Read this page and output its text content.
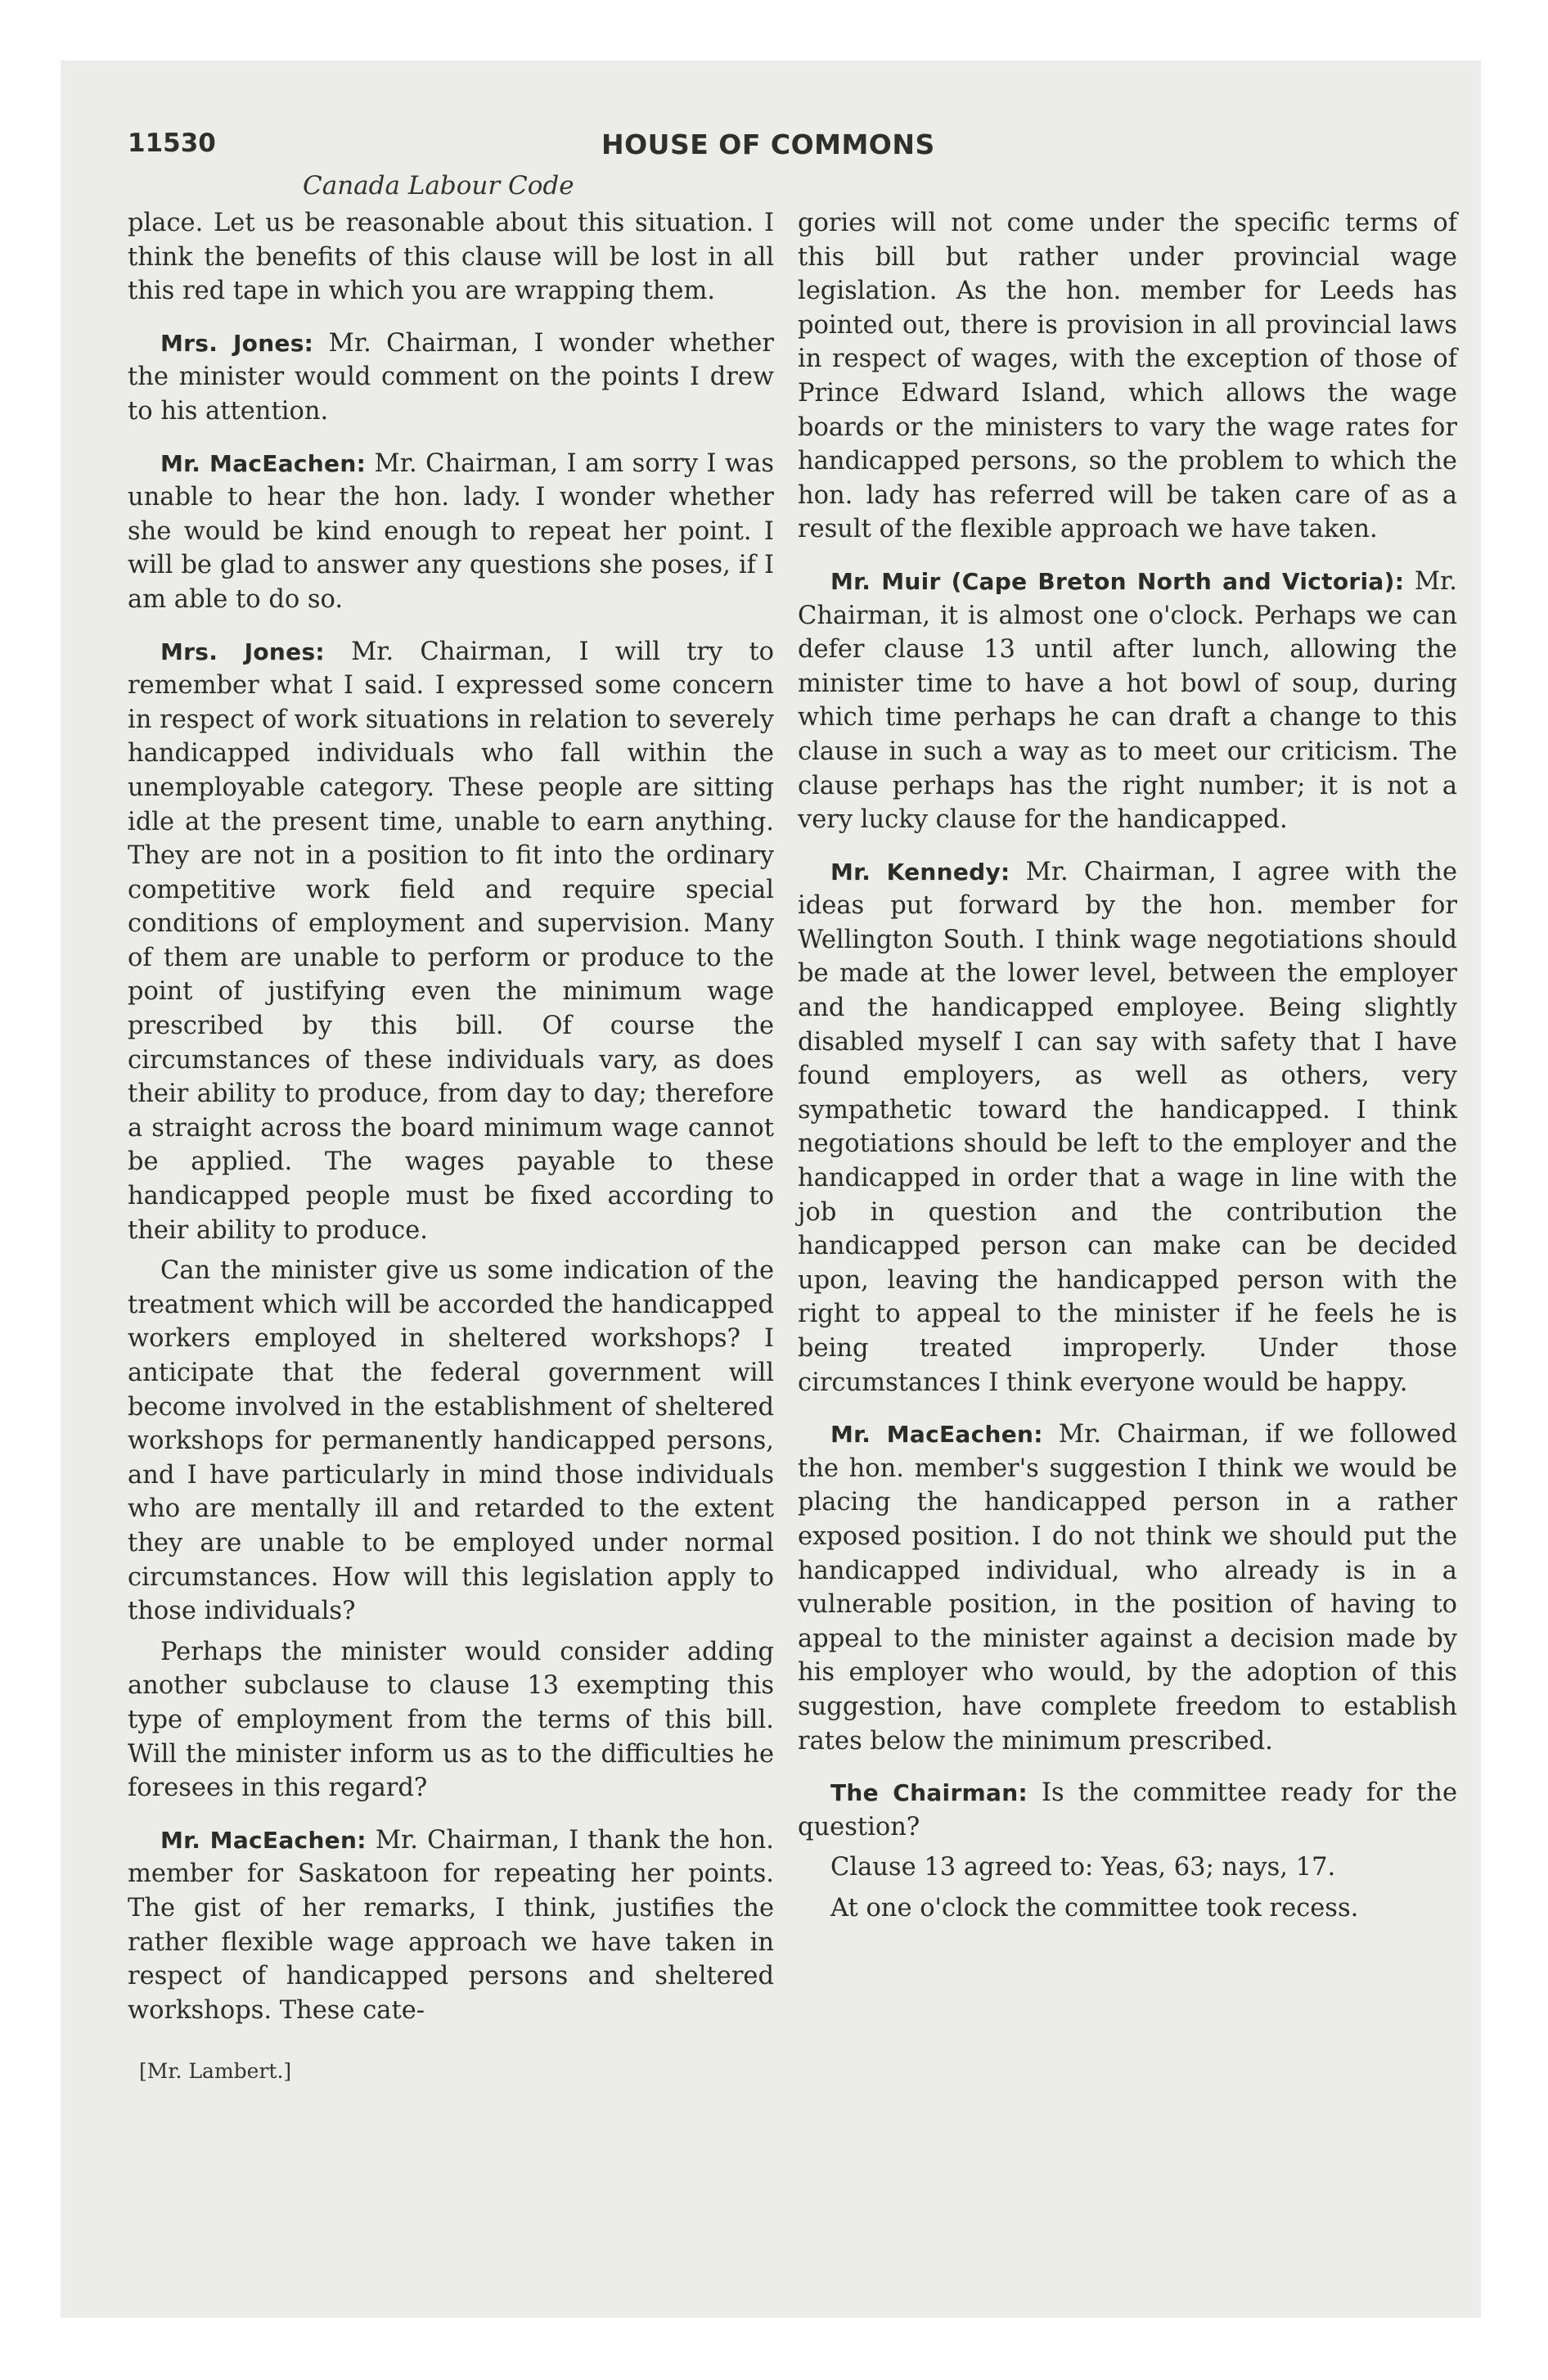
11530	HOUSE OF COMMONS
Canada Labour Code

place. Let us be reasonable about this situation. I think the benefits of this clause will be lost in all this red tape in which you are wrapping them.

Mrs. Jones: Mr. Chairman, I wonder whether the minister would comment on the points I drew to his attention.

Mr. MacEachen: Mr. Chairman, I am sorry I was unable to hear the hon. lady. I wonder whether she would be kind enough to repeat her point. I will be glad to answer any questions she poses, if I am able to do so.

Mrs. Jones: Mr. Chairman, I will try to remember what I said. I expressed some concern in respect of work situations in relation to severely handicapped individuals who fall within the unemployable category. These people are sitting idle at the present time, unable to earn anything. They are not in a position to fit into the ordinary competitive work field and require special conditions of employment and supervision. Many of them are unable to perform or produce to the point of justifying even the minimum wage prescribed by this bill. Of course the circumstances of these individuals vary, as does their ability to produce, from day to day; therefore a straight across the board minimum wage cannot be applied. The wages payable to these handicapped people must be fixed according to their ability to produce.

Can the minister give us some indication of the treatment which will be accorded the handicapped workers employed in sheltered workshops? I anticipate that the federal government will become involved in the establishment of sheltered workshops for permanently handicapped persons, and I have particularly in mind those individuals who are mentally ill and retarded to the extent they are unable to be employed under normal circumstances. How will this legislation apply to those individuals?

Perhaps the minister would consider adding another subclause to clause 13 exempting this type of employment from the terms of this bill. Will the minister inform us as to the difficulties he foresees in this regard?

Mr. MacEachen: Mr. Chairman, I thank the hon. member for Saskatoon for repeating her points. The gist of her remarks, I think, justifies the rather flexible wage approach we have taken in respect of handicapped persons and sheltered workshops. These cate-

gories will not come under the specific terms of this bill but rather under provincial wage legislation. As the hon. member for Leeds has pointed out, there is provision in all provincial laws in respect of wages, with the exception of those of Prince Edward Island, which allows the wage boards or the ministers to vary the wage rates for handicapped persons, so the problem to which the hon. lady has referred will be taken care of as a result of the flexible approach we have taken.

Mr. Muir (Cape Breton North and Victoria): Mr. Chairman, it is almost one o'clock. Perhaps we can defer clause 13 until after lunch, allowing the minister time to have a hot bowl of soup, during which time perhaps he can draft a change to this clause in such a way as to meet our criticism. The clause perhaps has the right number; it is not a very lucky clause for the handicapped.

Mr. Kennedy: Mr. Chairman, I agree with the ideas put forward by the hon. member for Wellington South. I think wage negotiations should be made at the lower level, between the employer and the handicapped employee. Being slightly disabled myself I can say with safety that I have found employers, as well as others, very sympathetic toward the handicapped. I think negotiations should be left to the employer and the handicapped in order that a wage in line with the job in question and the contribution the handicapped person can make can be decided upon, leaving the handicapped person with the right to appeal to the minister if he feels he is being treated improperly. Under those circumstances I think everyone would be happy.

Mr. MacEachen: Mr. Chairman, if we followed the hon. member's suggestion I think we would be placing the handicapped person in a rather exposed position. I do not think we should put the handicapped individual, who already is in a vulnerable position, in the position of having to appeal to the minister against a decision made by his employer who would, by the adoption of this suggestion, have complete freedom to establish rates below the minimum prescribed.

The Chairman: Is the committee ready for the question?

Clause 13 agreed to: Yeas, 63; nays, 17.

At one o'clock the committee took recess.

[Mr. Lambert.]
